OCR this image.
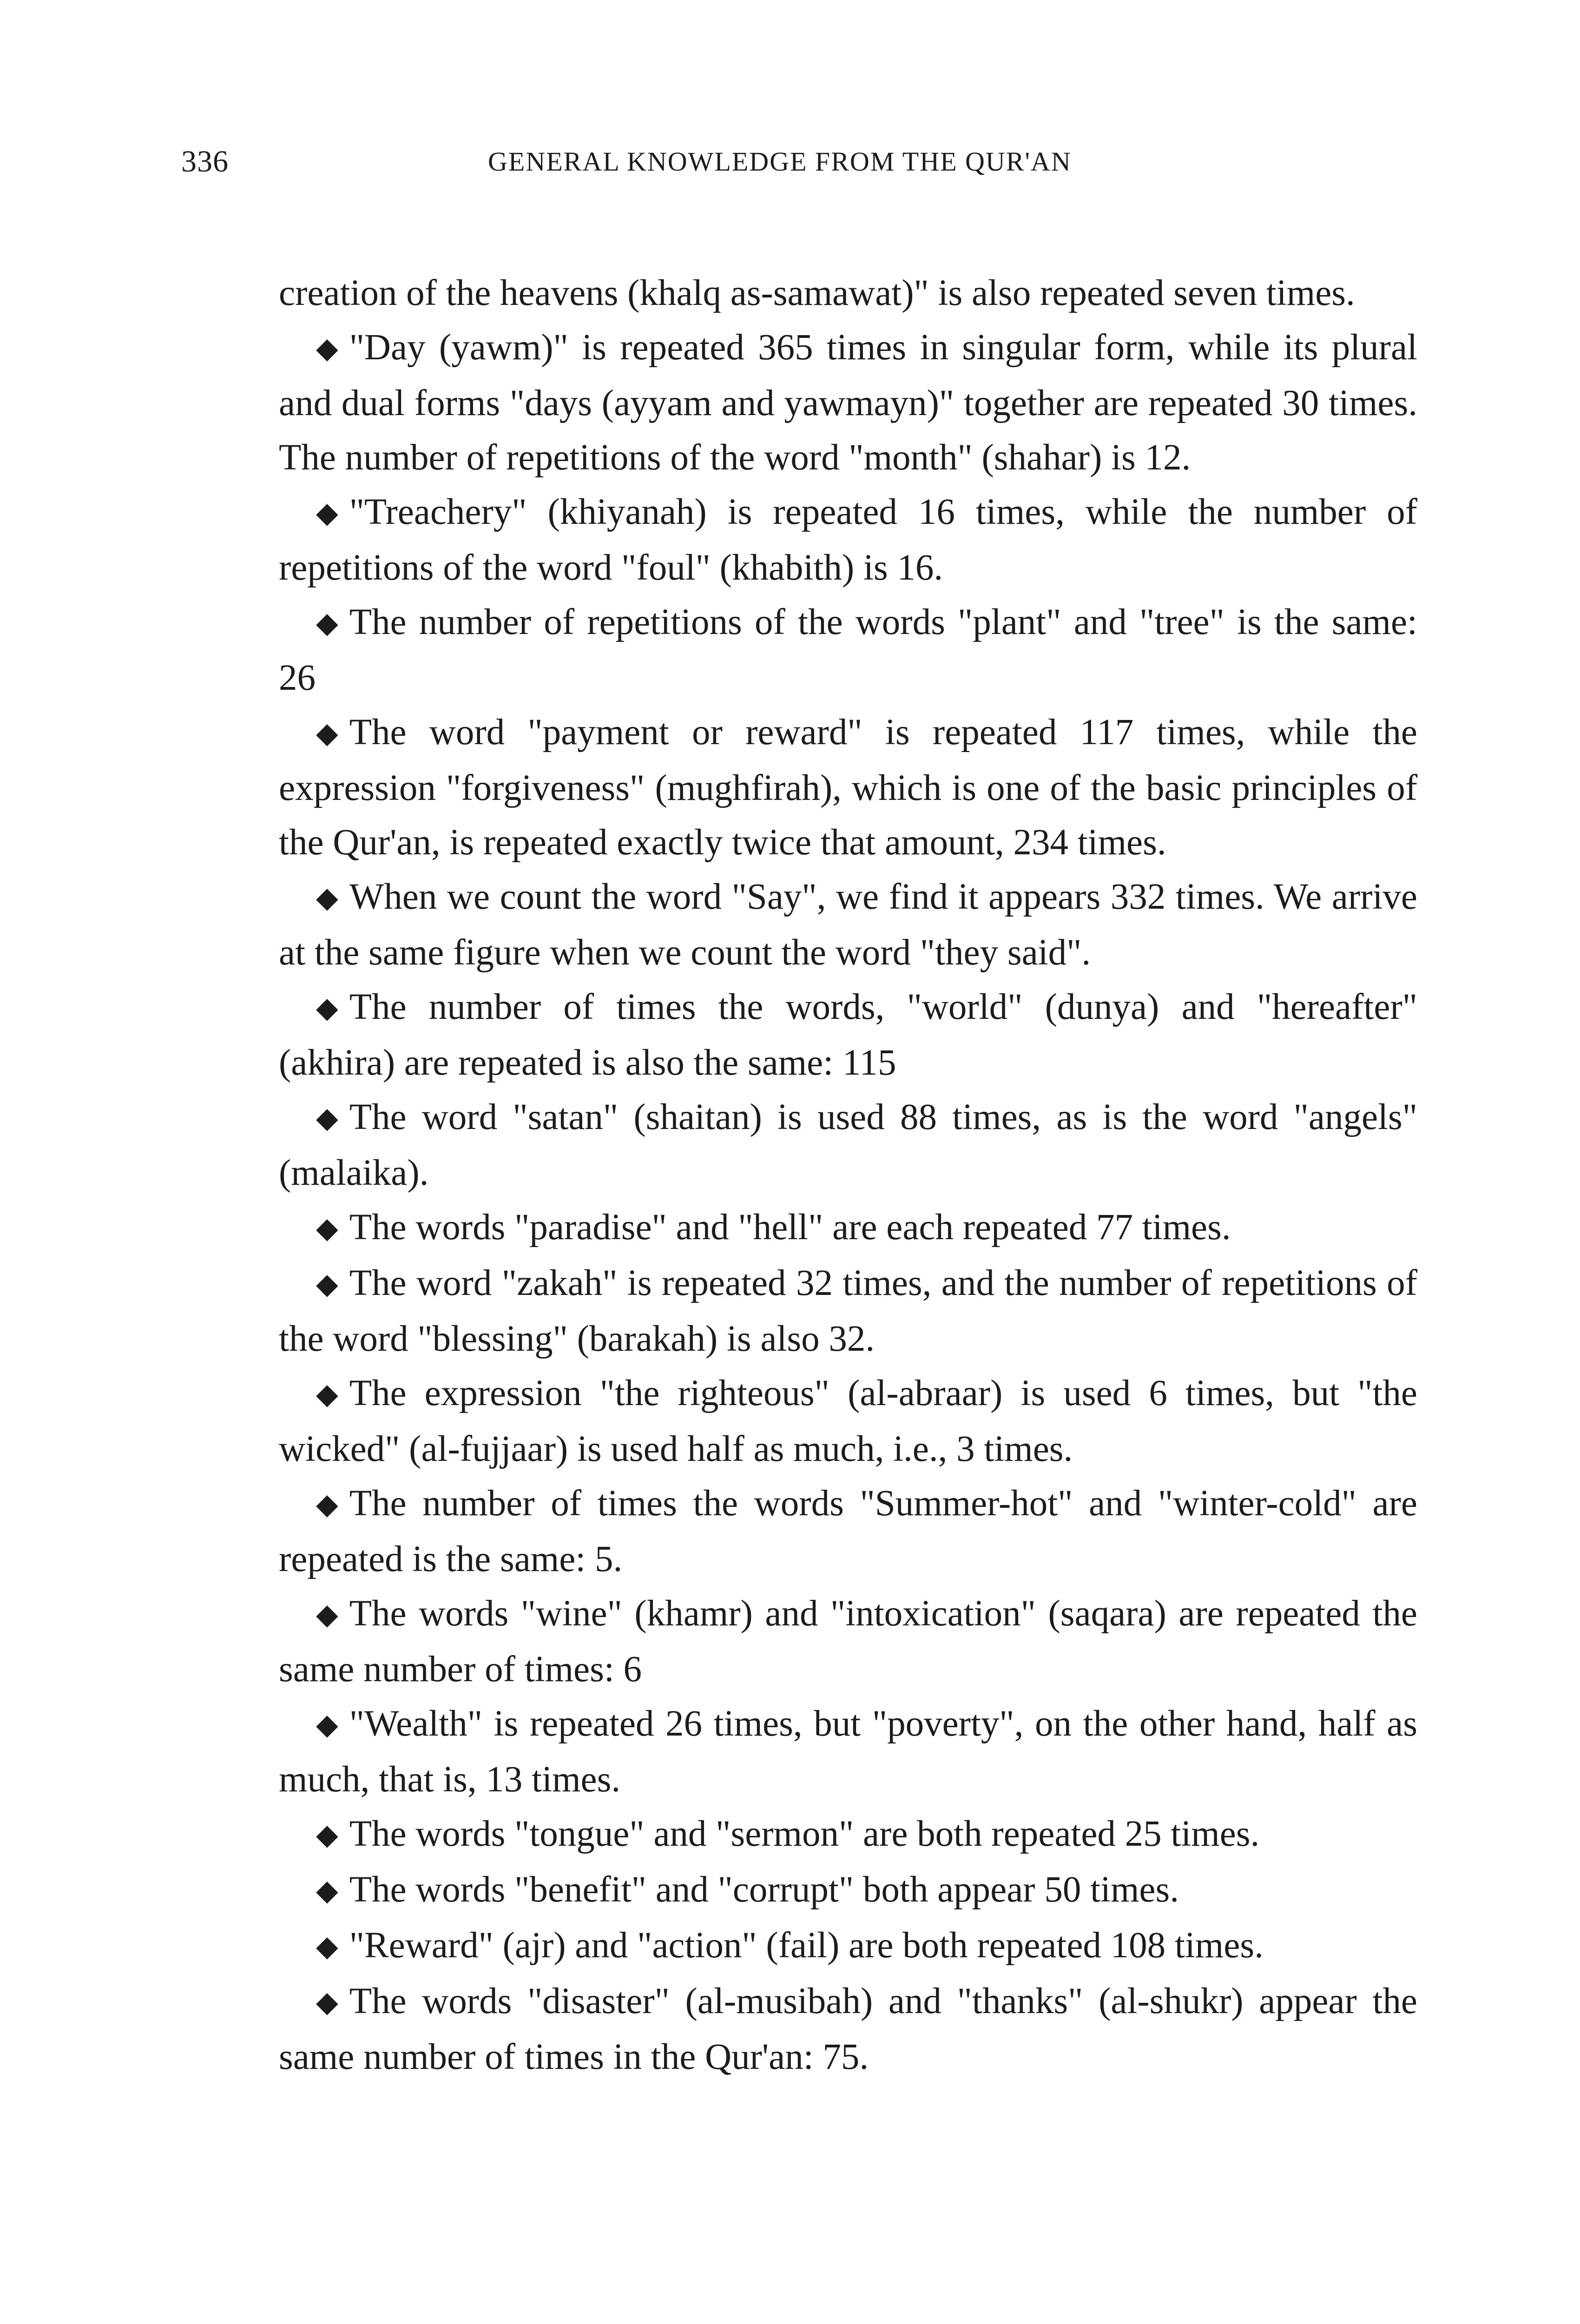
336	GENERAL KNOWLEDGE FROM THE QUR'AN

creation of the heavens (khalq as-samawat)" is also repeated seven times.

◆ "Day (yawm)" is repeated 365 times in singular form, while its plural and dual forms "days (ayyam and yawmayn)" together are repeated 30 times. The number of repetitions of the word "month" (shahar) is 12.

◆ "Treachery" (khiyanah) is repeated 16 times, while the number of repetitions of the word "foul" (khabith) is 16.

◆ The number of repetitions of the words "plant" and "tree" is the same: 26

◆ The word "payment or reward" is repeated 117 times, while the expression "forgiveness" (mughfirah), which is one of the basic principles of the Qur'an, is repeated exactly twice that amount, 234 times.

◆ When we count the word "Say", we find it appears 332 times. We arrive at the same figure when we count the word "they said".

◆ The number of times the words, "world" (dunya) and "hereafter" (akhira) are repeated is also the same: 115

◆ The word "satan" (shaitan) is used 88 times, as is the word "angels" (malaika).

◆ The words "paradise" and "hell" are each repeated 77 times.

◆ The word "zakah" is repeated 32 times, and the number of repetitions of the word "blessing" (barakah) is also 32.

◆ The expression "the righteous" (al-abraar) is used 6 times, but "the wicked" (al-fujjaar) is used half as much, i.e., 3 times.

◆ The number of times the words "Summer-hot" and "winter-cold" are repeated is the same: 5.

◆ The words "wine" (khamr) and "intoxication" (saqara) are repeated the same number of times: 6

◆ "Wealth" is repeated 26 times, but "poverty", on the other hand, half as much, that is, 13 times.

◆ The words "tongue" and "sermon" are both repeated 25 times.

◆ The words "benefit" and "corrupt" both appear 50 times.

◆ "Reward" (ajr) and "action" (fail) are both repeated 108 times.

◆ The words "disaster" (al-musibah) and "thanks" (al-shukr) appear the same number of times in the Qur'an: 75.
